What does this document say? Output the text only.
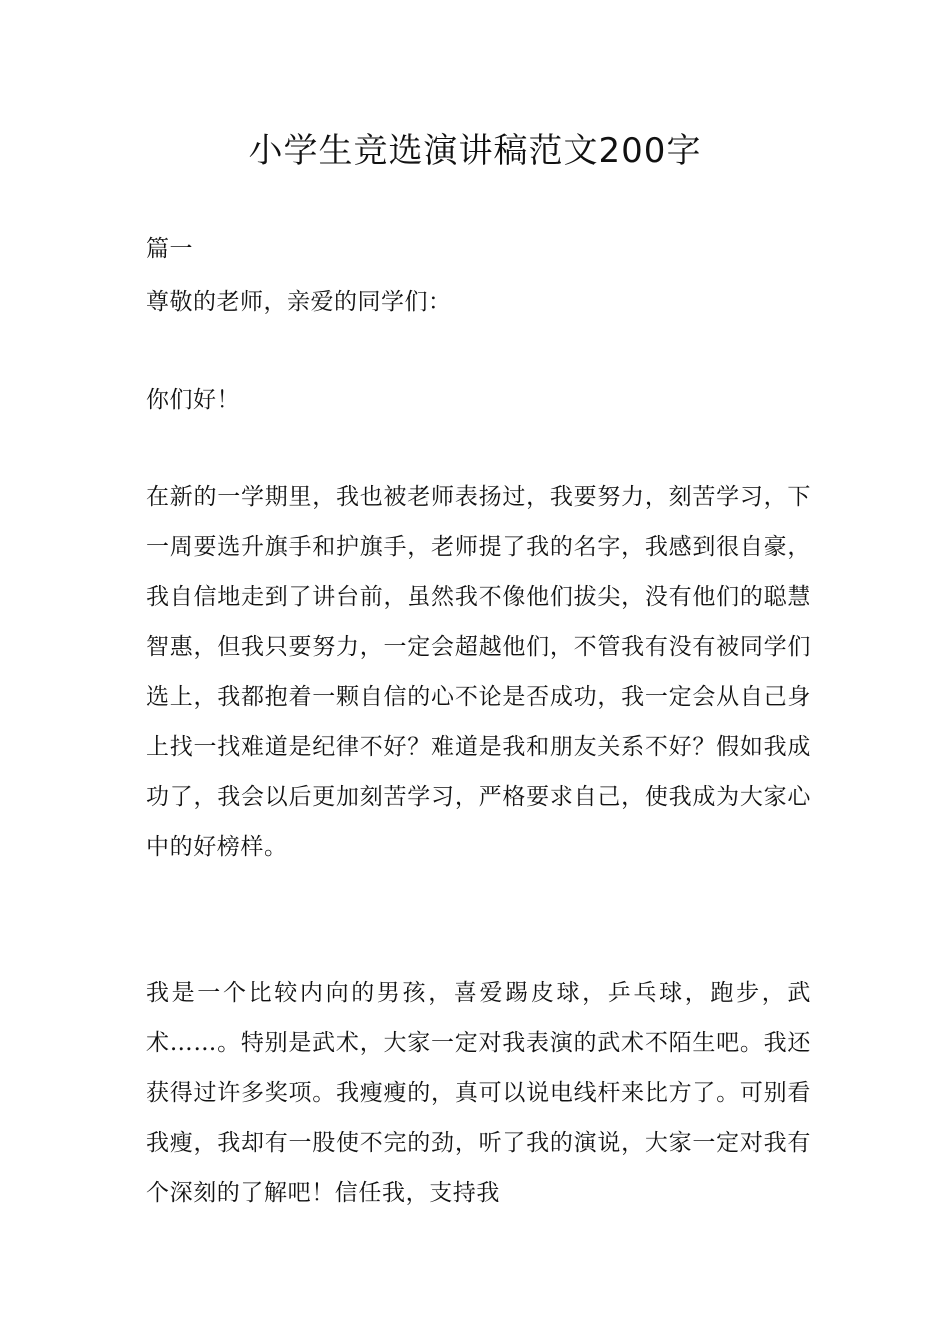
小学生竞选演讲稿范文200字

篇一

尊敬的老师，亲爱的同学们：

你们好！

在新的一学期里，我也被老师表扬过，我要努力，刻苦学习，下一周要选升旗手和护旗手，老师提了我的名字，我感到很自豪，我自信地走到了讲台前，虽然我不像他们拔尖，没有他们的聪慧智惠，但我只要努力，一定会超越他们，不管我有没有被同学们选上，我都抱着一颗自信的心不论是否成功，我一定会从自己身上找一找难道是纪律不好？难道是我和朋友关系不好？假如我成功了，我会以后更加刻苦学习，严格要求自己，使我成为大家心中的好榜样。

我是一个比较内向的男孩，喜爱踢皮球，乒乓球，跑步，武术……。特别是武术，大家一定对我表演的武术不陌生吧。我还获得过许多奖项。我瘦瘦的，真可以说电线杆来比方了。可别看我瘦，我却有一股使不完的劲，听了我的演说，大家一定对我有个深刻的了解吧！信任我，支持我
